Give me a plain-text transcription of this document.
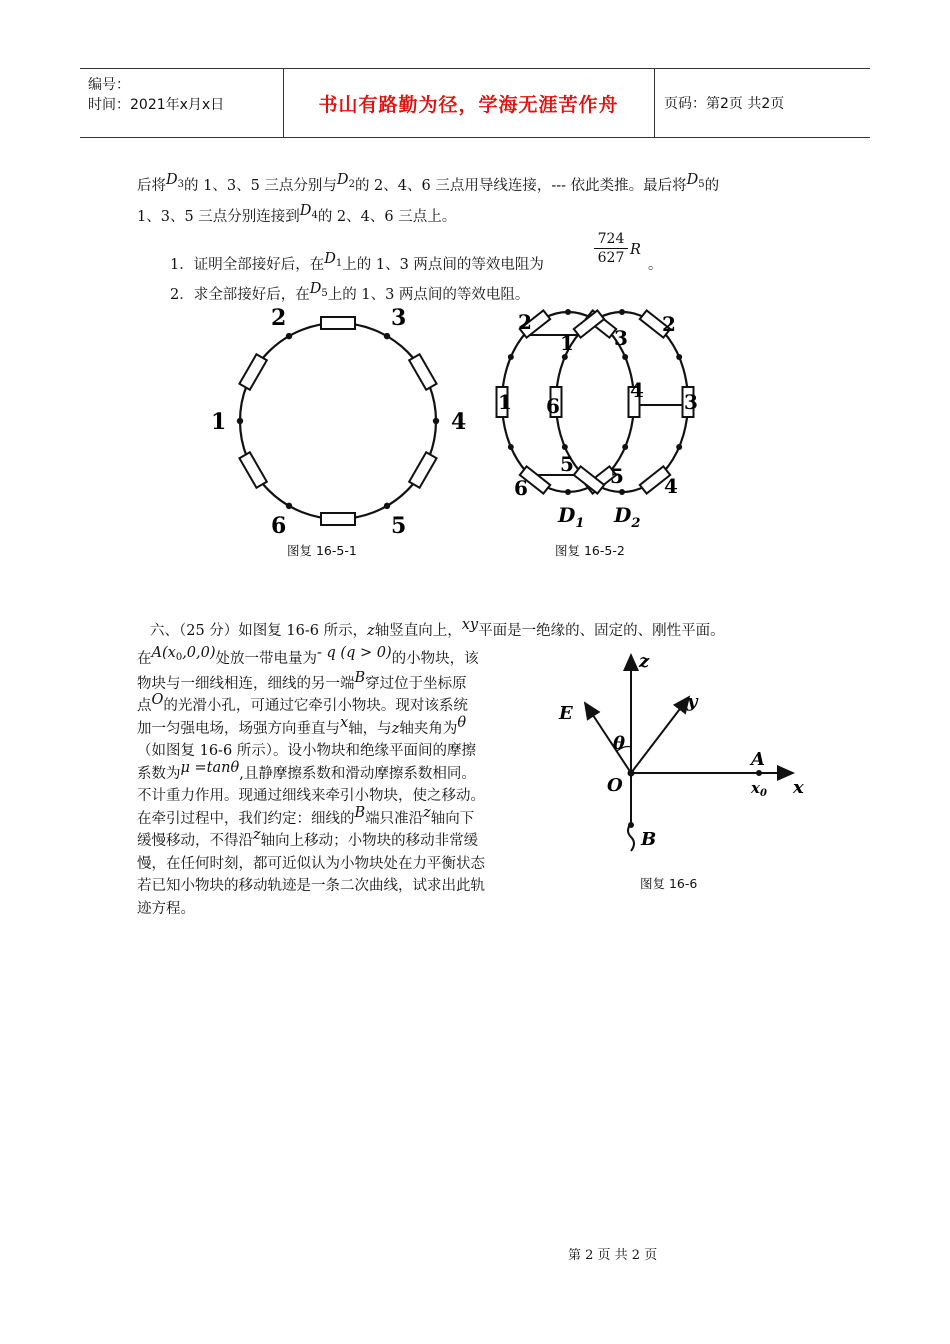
编号：
时间：2021年x月x日	书山有路勤为径，学海无涯苦作舟	页码：第2页 共2页
后将$D_3$的 1、3、5 三点分别与$D_2$的 2、4、6 三点用导线连接，--- 依此类推。最后将$D_5$的
1、3、5 三点分别连接到$D_4$的 2、4、6 三点上。
1．证明全部接好后，在$D_1$上的 1、3 两点间的等效电阻为	$\frac{724}{627}$ R
。
2．求全部接好后，在$D_5$上的 1、3 两点间的等效电阻。
1
2	3
4
5
6
图复 16-5-1
2
1 3
2
1 6
4 3
5 5
6	4
$D_1$ $D_2$
图复 16-5-2
六、（25 分）如图复 16-6 所示，z轴竖直向上，xy平面是一绝缘的、固定的、刚性平面。
在$A(x_0,0,0)$处放一带电量为- q (q > 0)的小物块，该
物块与一细线相连，细线的另一端B穿过位于坐标原
点O的光滑小孔，可通过它牵引小物块。现对该系统
加一匀强电场，场强方向垂直与x轴，与z轴夹角为θ
（如图复 16-6 所示）。设小物块和绝缘平面间的摩擦
系数为μ =tanθ,且静摩擦系数和滑动摩擦系数相同。
不计重力作用。现通过细线来牵引小物块，使之移动。
在牵引过程中，我们约定：细线的B端只准沿z轴向下
缓慢移动，不得沿z轴向上移动；小物块的移动非常缓
慢，在任何时刻，都可近似认为小物块处在力平衡状态
若已知小物块的移动轨迹是一条二次曲线，试求出此轨
迹方程。
z
y
x
E
θ
O
A
$x_0$
B
图复 16-6
第 2 页 共 2 页
